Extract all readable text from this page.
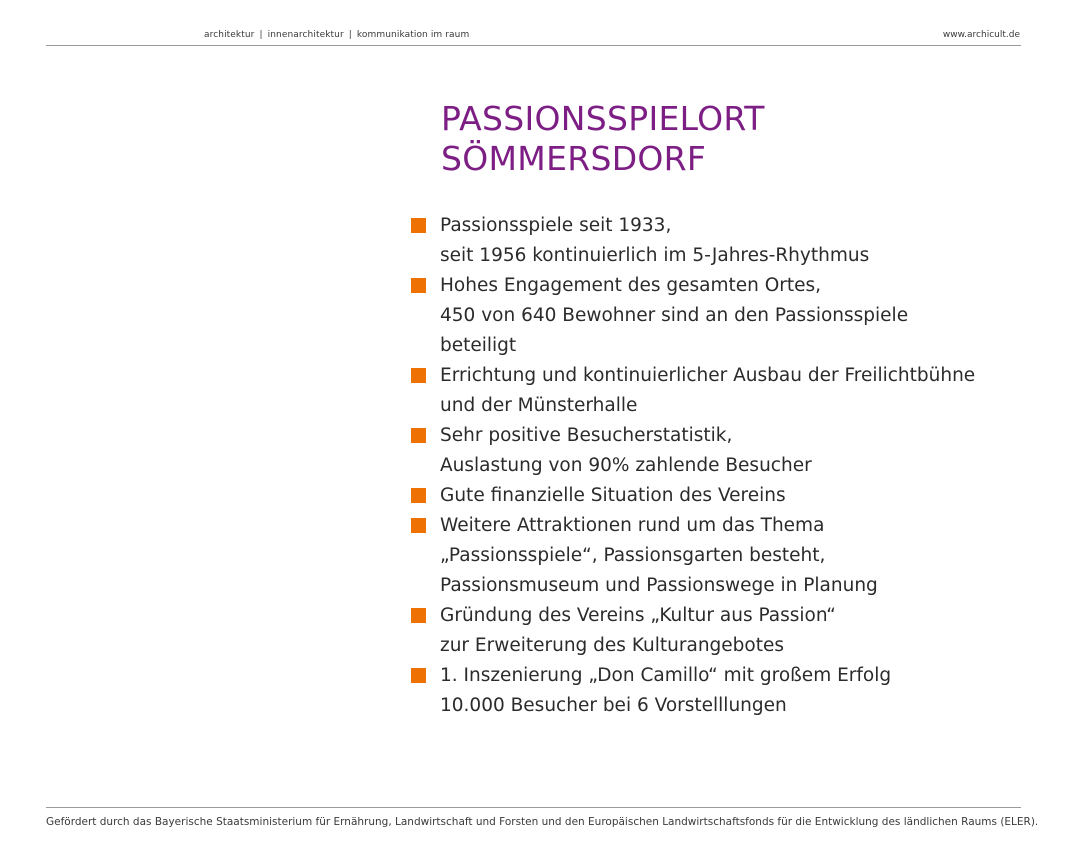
architektur | innenarchitektur | kommunikation im raum	www.archicult.de
PASSIONSSPIELORT
SÖMMERSDORF
Passionsspiele seit 1933,
seit 1956 kontinuierlich im 5-Jahres-Rhythmus
Hohes Engagement des gesamten Ortes,
450 von 640 Bewohner sind an den Passionsspiele
beteiligt
Errichtung und kontinuierlicher Ausbau der Freilichtbühne
und der Münsterhalle
Sehr positive Besucherstatistik,
Auslastung von 90% zahlende Besucher
Gute finanzielle Situation des Vereins
Weitere Attraktionen rund um das Thema
„Passionsspiele“, Passionsgarten besteht,
Passionsmuseum und Passionswege in Planung
Gründung des Vereins „Kultur aus Passion“
zur Erweiterung des Kulturangebotes
1. Inszenierung „Don Camillo“ mit großem Erfolg
10.000 Besucher bei 6 Vorstelllungen
Gefördert durch das Bayerische Staatsministerium für Ernährung, Landwirtschaft und Forsten und den Europäischen Landwirtschaftsfonds für die Entwicklung des ländlichen Raums (ELER).
